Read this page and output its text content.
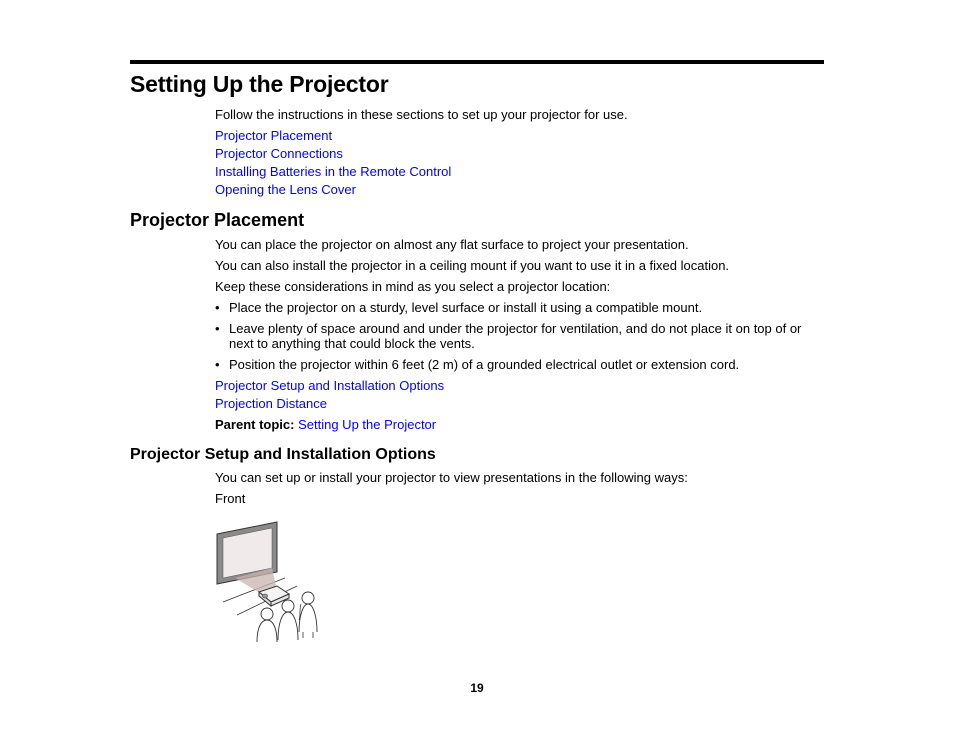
Setting Up the Projector
Follow the instructions in these sections to set up your projector for use.
Projector Placement
Projector Connections
Installing Batteries in the Remote Control
Opening the Lens Cover
Projector Placement
You can place the projector on almost any flat surface to project your presentation.
You can also install the projector in a ceiling mount if you want to use it in a fixed location.
Keep these considerations in mind as you select a projector location:
• Place the projector on a sturdy, level surface or install it using a compatible mount.
• Leave plenty of space around and under the projector for ventilation, and do not place it on top of or next to anything that could block the vents.
• Position the projector within 6 feet (2 m) of a grounded electrical outlet or extension cord.
Projector Setup and Installation Options
Projection Distance
Parent topic: Setting Up the Projector
Projector Setup and Installation Options
You can set up or install your projector to view presentations in the following ways:
Front
19
